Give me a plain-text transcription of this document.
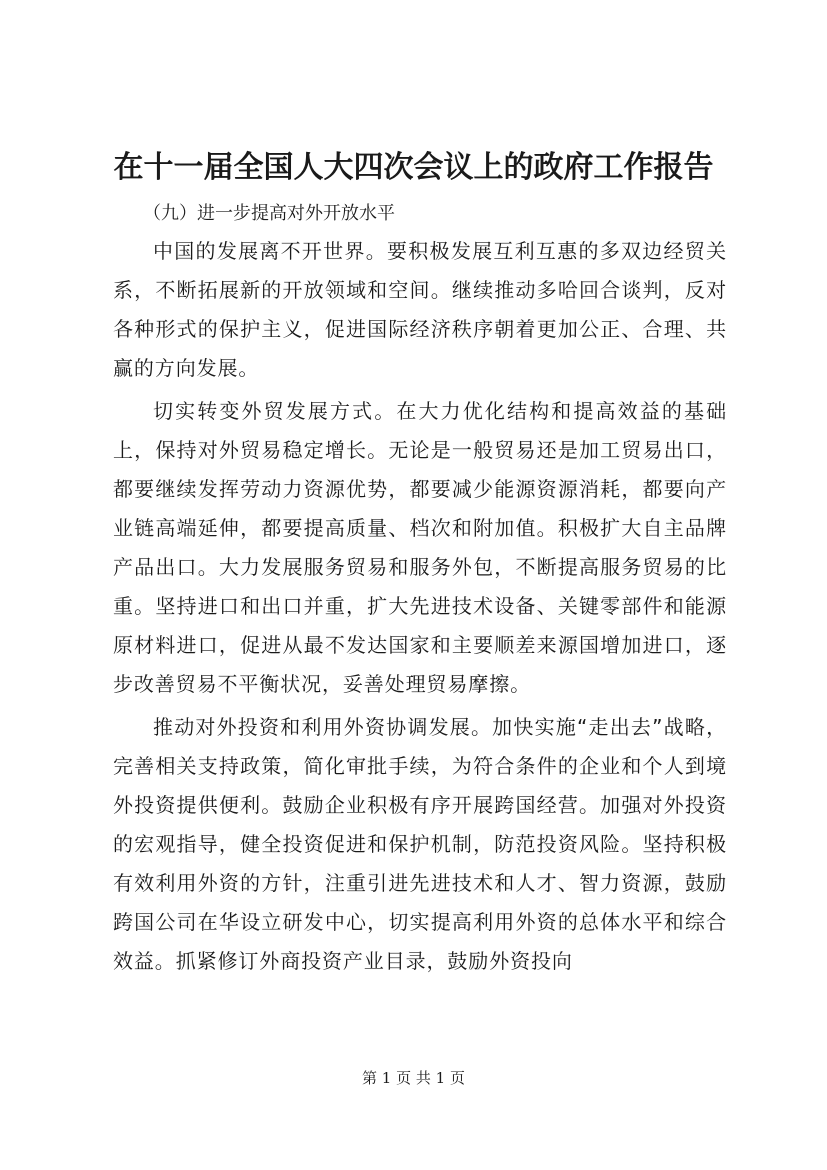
在十一届全国人大四次会议上的政府工作报告

（九）进一步提高对外开放水平

中国的发展离不开世界。要积极发展互利互惠的多双边经贸关系，不断拓展新的开放领域和空间。继续推动多哈回合谈判，反对各种形式的保护主义，促进国际经济秩序朝着更加公正、合理、共赢的方向发展。

切实转变外贸发展方式。在大力优化结构和提高效益的基础上，保持对外贸易稳定增长。无论是一般贸易还是加工贸易出口，都要继续发挥劳动力资源优势，都要减少能源资源消耗，都要向产业链高端延伸，都要提高质量、档次和附加值。积极扩大自主品牌产品出口。大力发展服务贸易和服务外包，不断提高服务贸易的比重。坚持进口和出口并重，扩大先进技术设备、关键零部件和能源原材料进口，促进从最不发达国家和主要顺差来源国增加进口，逐步改善贸易不平衡状况，妥善处理贸易摩擦。

推动对外投资和利用外资协调发展。加快实施“走出去”战略，完善相关支持政策，简化审批手续，为符合条件的企业和个人到境外投资提供便利。鼓励企业积极有序开展跨国经营。加强对外投资的宏观指导，健全投资促进和保护机制，防范投资风险。坚持积极有效利用外资的方针，注重引进先进技术和人才、智力资源，鼓励跨国公司在华设立研发中心，切实提高利用外资的总体水平和综合效益。抓紧修订外商投资产业目录，鼓励外资投向

第 1 页 共 1 页
